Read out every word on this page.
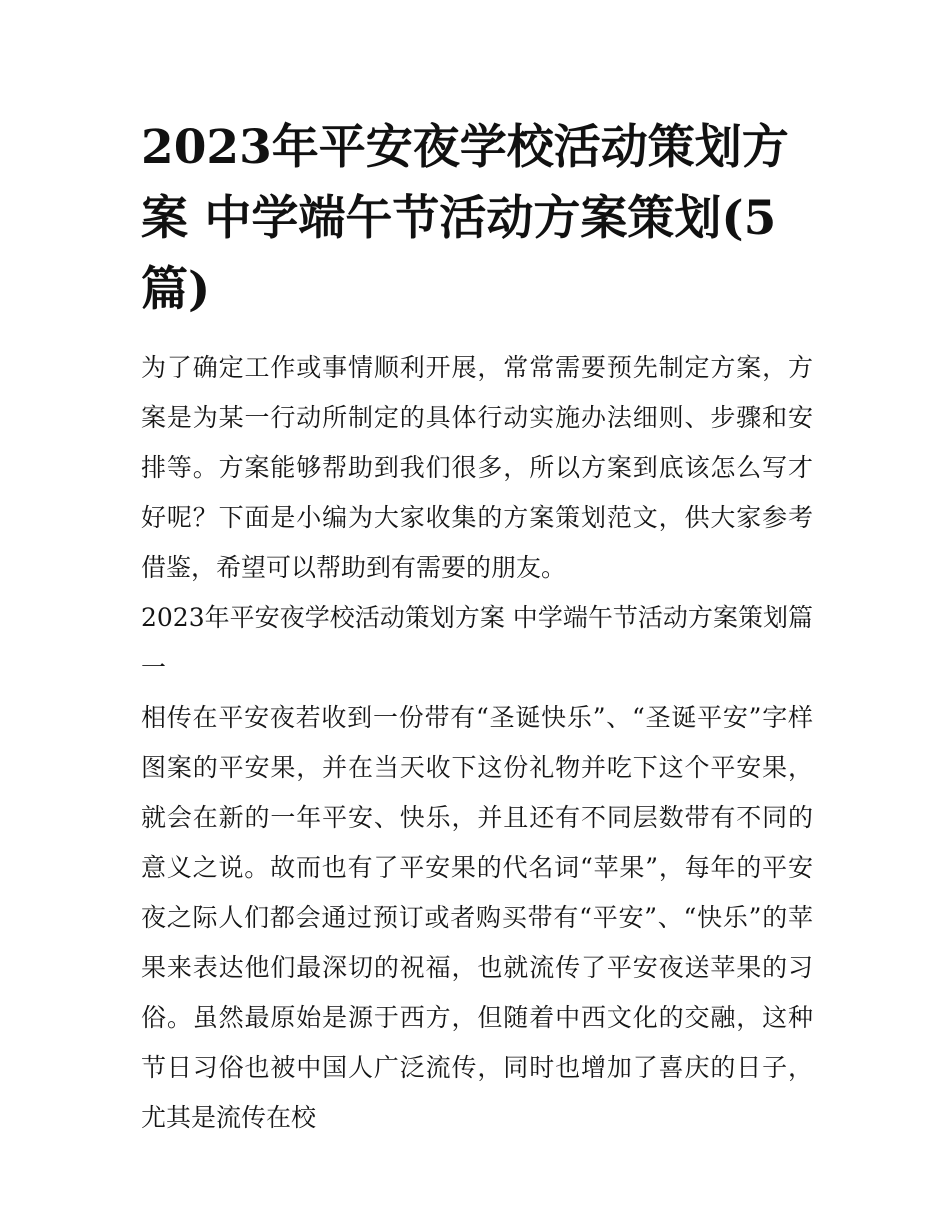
2023年平安夜学校活动策划方案 中学端午节活动方案策划(5篇)

为了确定工作或事情顺利开展，常常需要预先制定方案，方案是为某一行动所制定的具体行动实施办法细则、步骤和安排等。方案能够帮助到我们很多，所以方案到底该怎么写才好呢？下面是小编为大家收集的方案策划范文，供大家参考借鉴，希望可以帮助到有需要的朋友。

2023年平安夜学校活动策划方案 中学端午节活动方案策划篇一

相传在平安夜若收到一份带有“圣诞快乐”、“圣诞平安”字样图案的平安果，并在当天收下这份礼物并吃下这个平安果，就会在新的一年平安、快乐，并且还有不同层数带有不同的意义之说。故而也有了平安果的代名词“苹果”，每年的平安夜之际人们都会通过预订或者购买带有“平安”、“快乐”的苹果来表达他们最深切的祝福，也就流传了平安夜送苹果的习俗。虽然最原始是源于西方，但随着中西文化的交融，这种节日习俗也被中国人广泛流传，同时也增加了喜庆的日子，尤其是流传在校
